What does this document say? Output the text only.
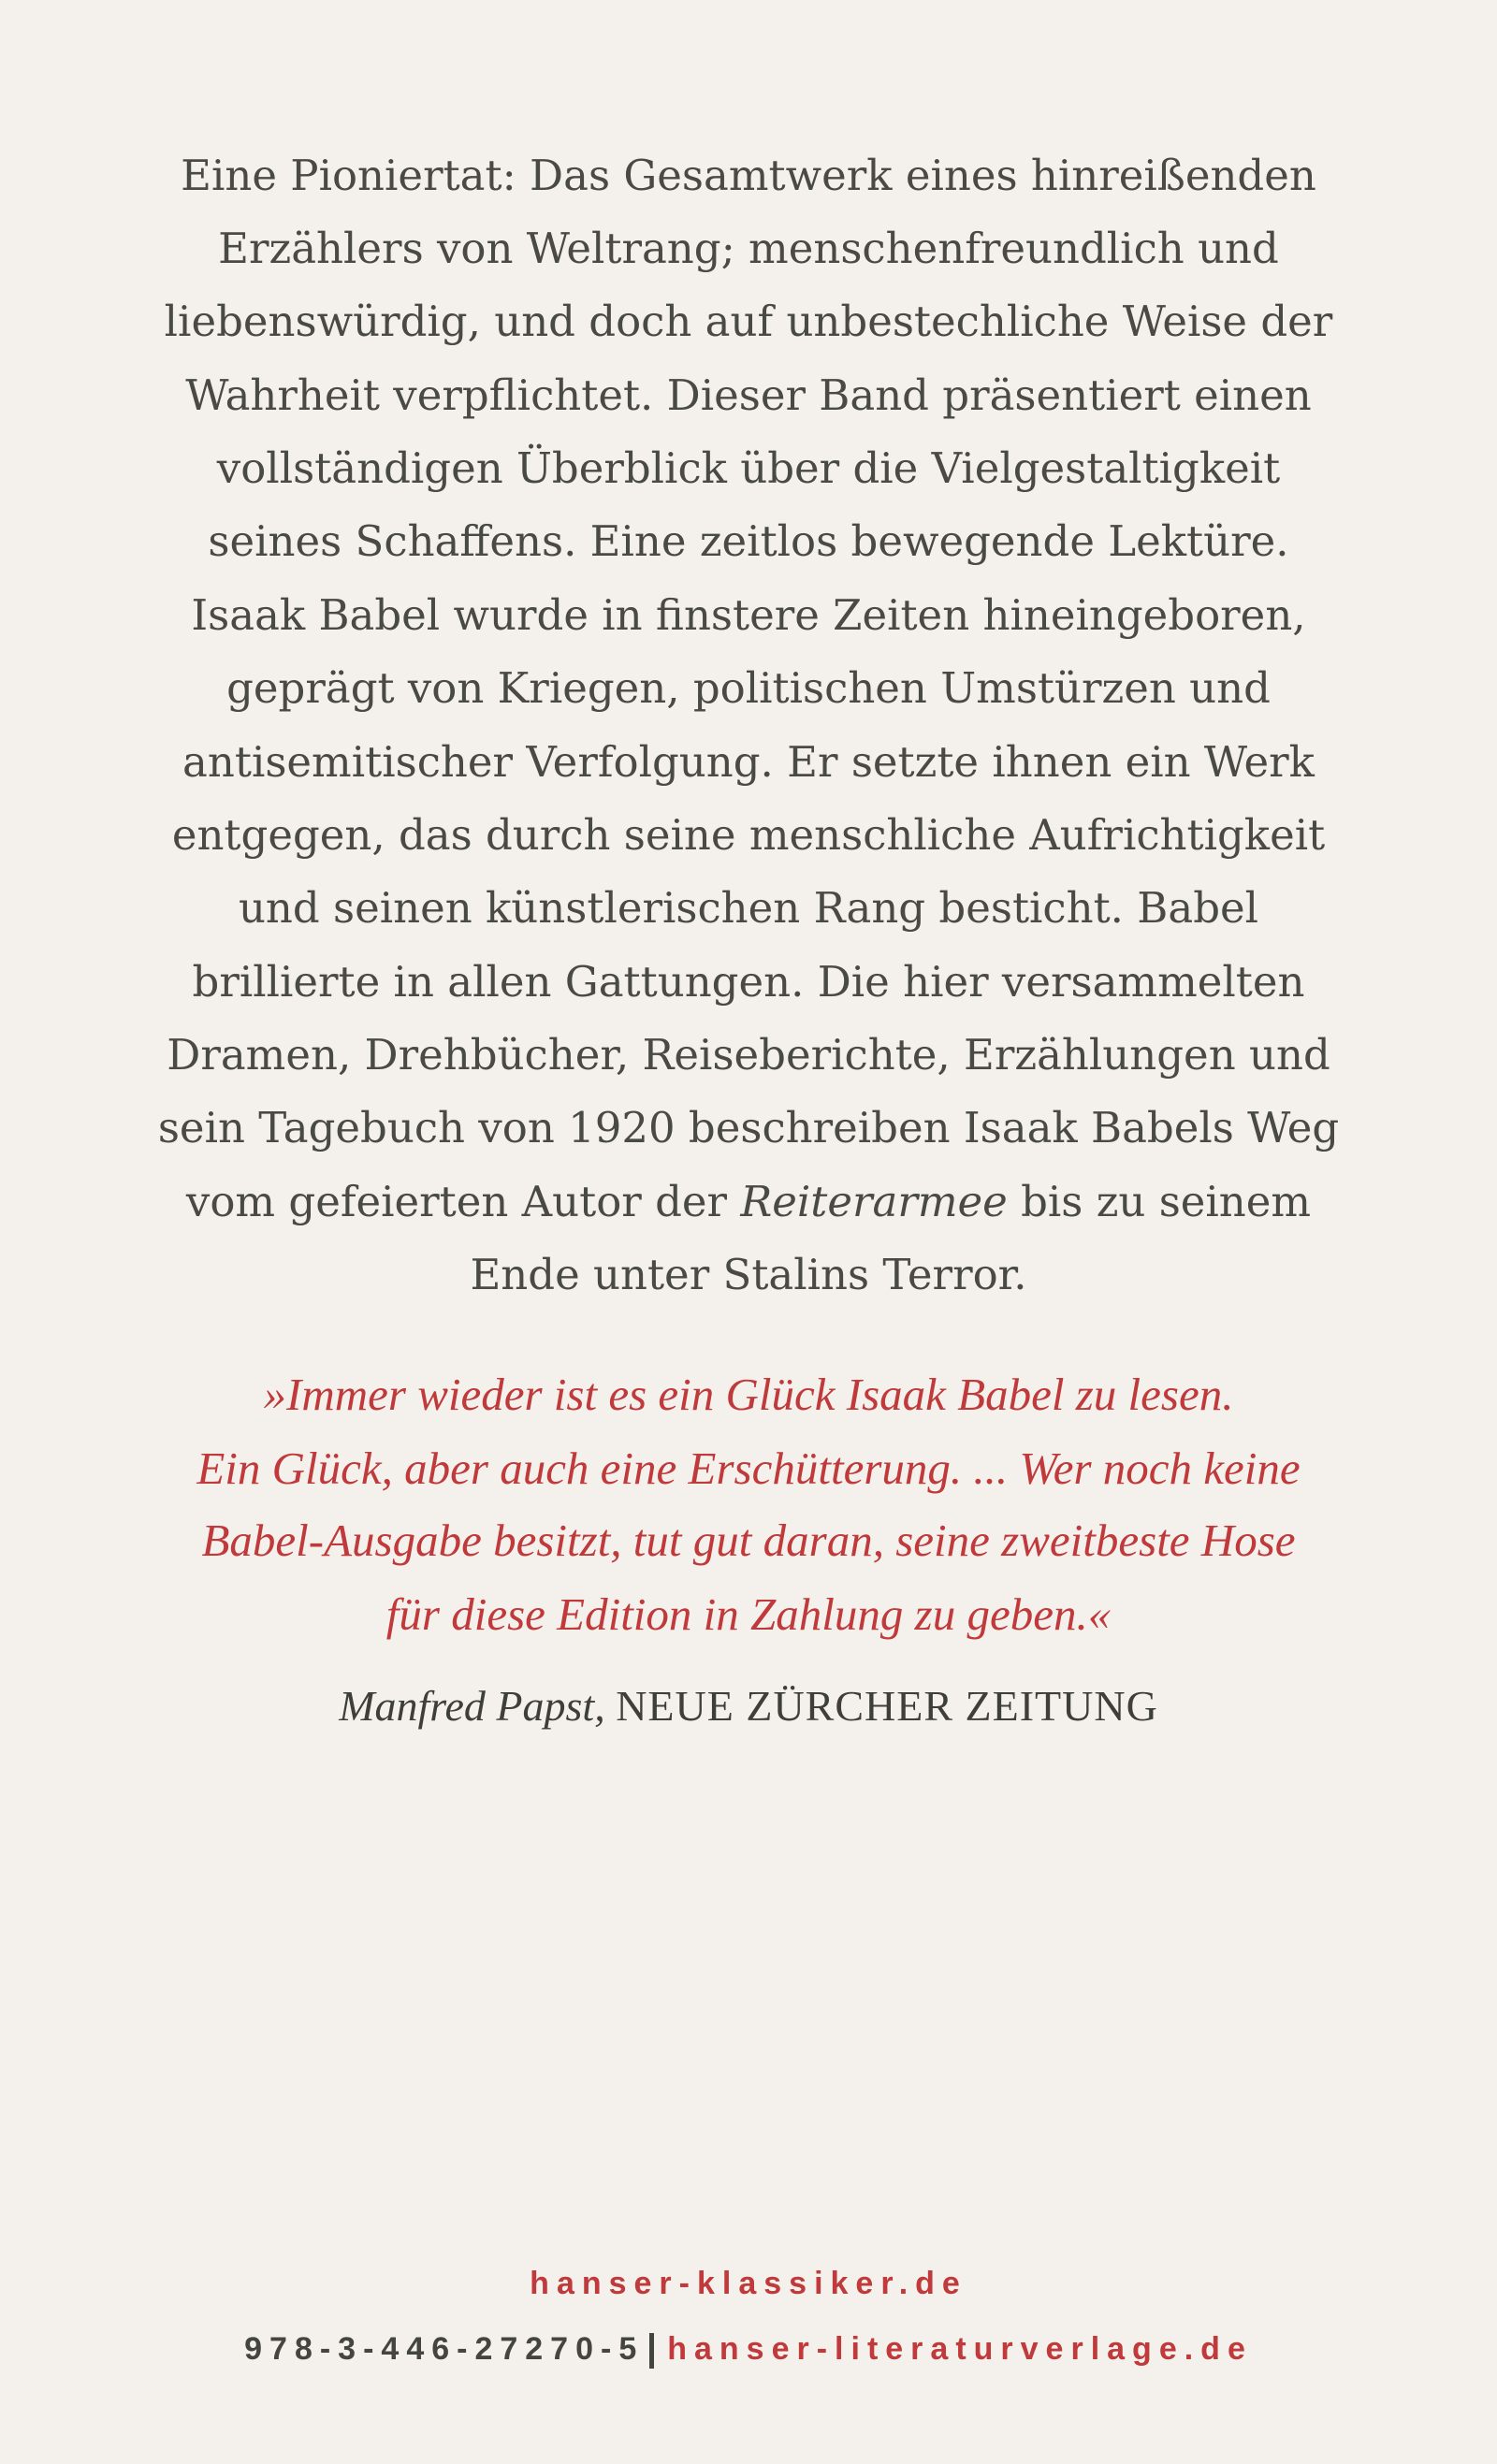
Eine Pioniertat: Das Gesamtwerk eines hinreißenden
Erzählers von Weltrang; menschenfreundlich und
liebenswürdig, und doch auf unbestechliche Weise der
Wahrheit verpflichtet. Dieser Band präsentiert einen
vollständigen Überblick über die Vielgestaltigkeit
seines Schaffens. Eine zeitlos bewegende Lektüre.
Isaak Babel wurde in finstere Zeiten hineingeboren,
geprägt von Kriegen, politischen Umstürzen und
antisemitischer Verfolgung. Er setzte ihnen ein Werk
entgegen, das durch seine menschliche Aufrichtigkeit
und seinen künstlerischen Rang besticht. Babel
brillierte in allen Gattungen. Die hier versammelten
Dramen, Drehbücher, Reiseberichte, Erzählungen und
sein Tagebuch von 1920 beschreiben Isaak Babels Weg
vom gefeierten Autor der Reiterarmee bis zu seinem
Ende unter Stalins Terror.
»Immer wieder ist es ein Glück Isaak Babel zu lesen.
Ein Glück, aber auch eine Erschütterung. ... Wer noch keine
Babel-Ausgabe besitzt, tut gut daran, seine zweitbeste Hose
für diese Edition in Zahlung zu geben.«
Manfred Papst, NEUE ZÜRCHER ZEITUNG
hanser-klassiker.de
978-3-446-27270-5 hanser-literaturverlage.de
